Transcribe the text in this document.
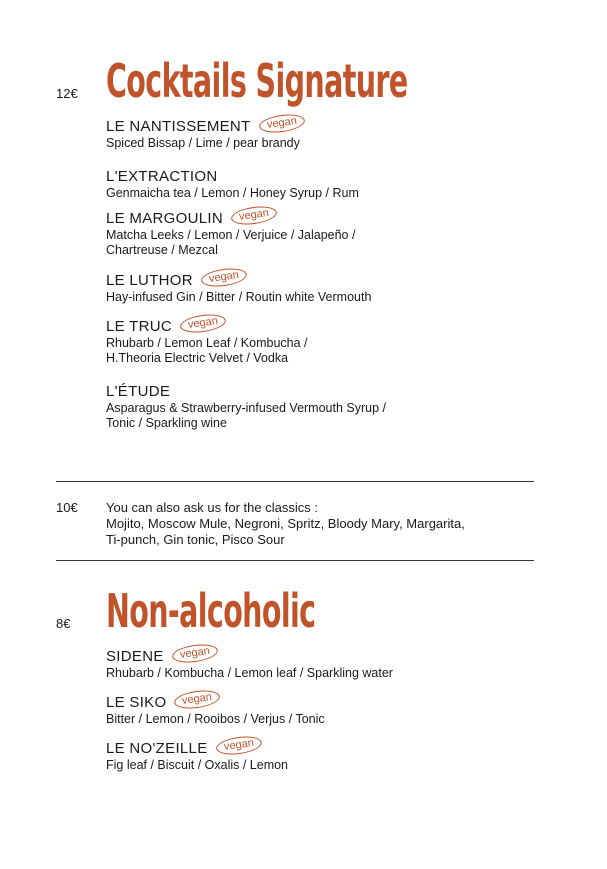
12€ Cocktails Signature
LE NANTISSEMENT vegan
Spiced Bissap / Lime / pear brandy
L'EXTRACTION
Genmaicha tea / Lemon / Honey Syrup / Rum
LE MARGOULIN vegan
Matcha Leeks / Lemon / Verjuice / Jalapeño /
Chartreuse / Mezcal
LE LUTHOR vegan
Hay-infused Gin / Bitter / Routin white Vermouth
LE TRUC vegan
Rhubarb / Lemon Leaf / Kombucha /
H.Theoria Electric Velvet / Vodka
L'ÉTUDE
Asparagus & Strawberry-infused Vermouth Syrup /
Tonic / Sparkling wine
10€ You can also ask us for the classics :
Mojito, Moscow Mule, Negroni, Spritz, Bloody Mary, Margarita,
Ti-punch, Gin tonic, Pisco Sour
8€ Non-alcoholic
SIDENE vegan
Rhubarb / Kombucha / Lemon leaf / Sparkling water
LE SIKO vegan
Bitter / Lemon / Rooibos / Verjus / Tonic
LE NO'ZEILLE vegan
Fig leaf / Biscuit / Oxalis / Lemon
